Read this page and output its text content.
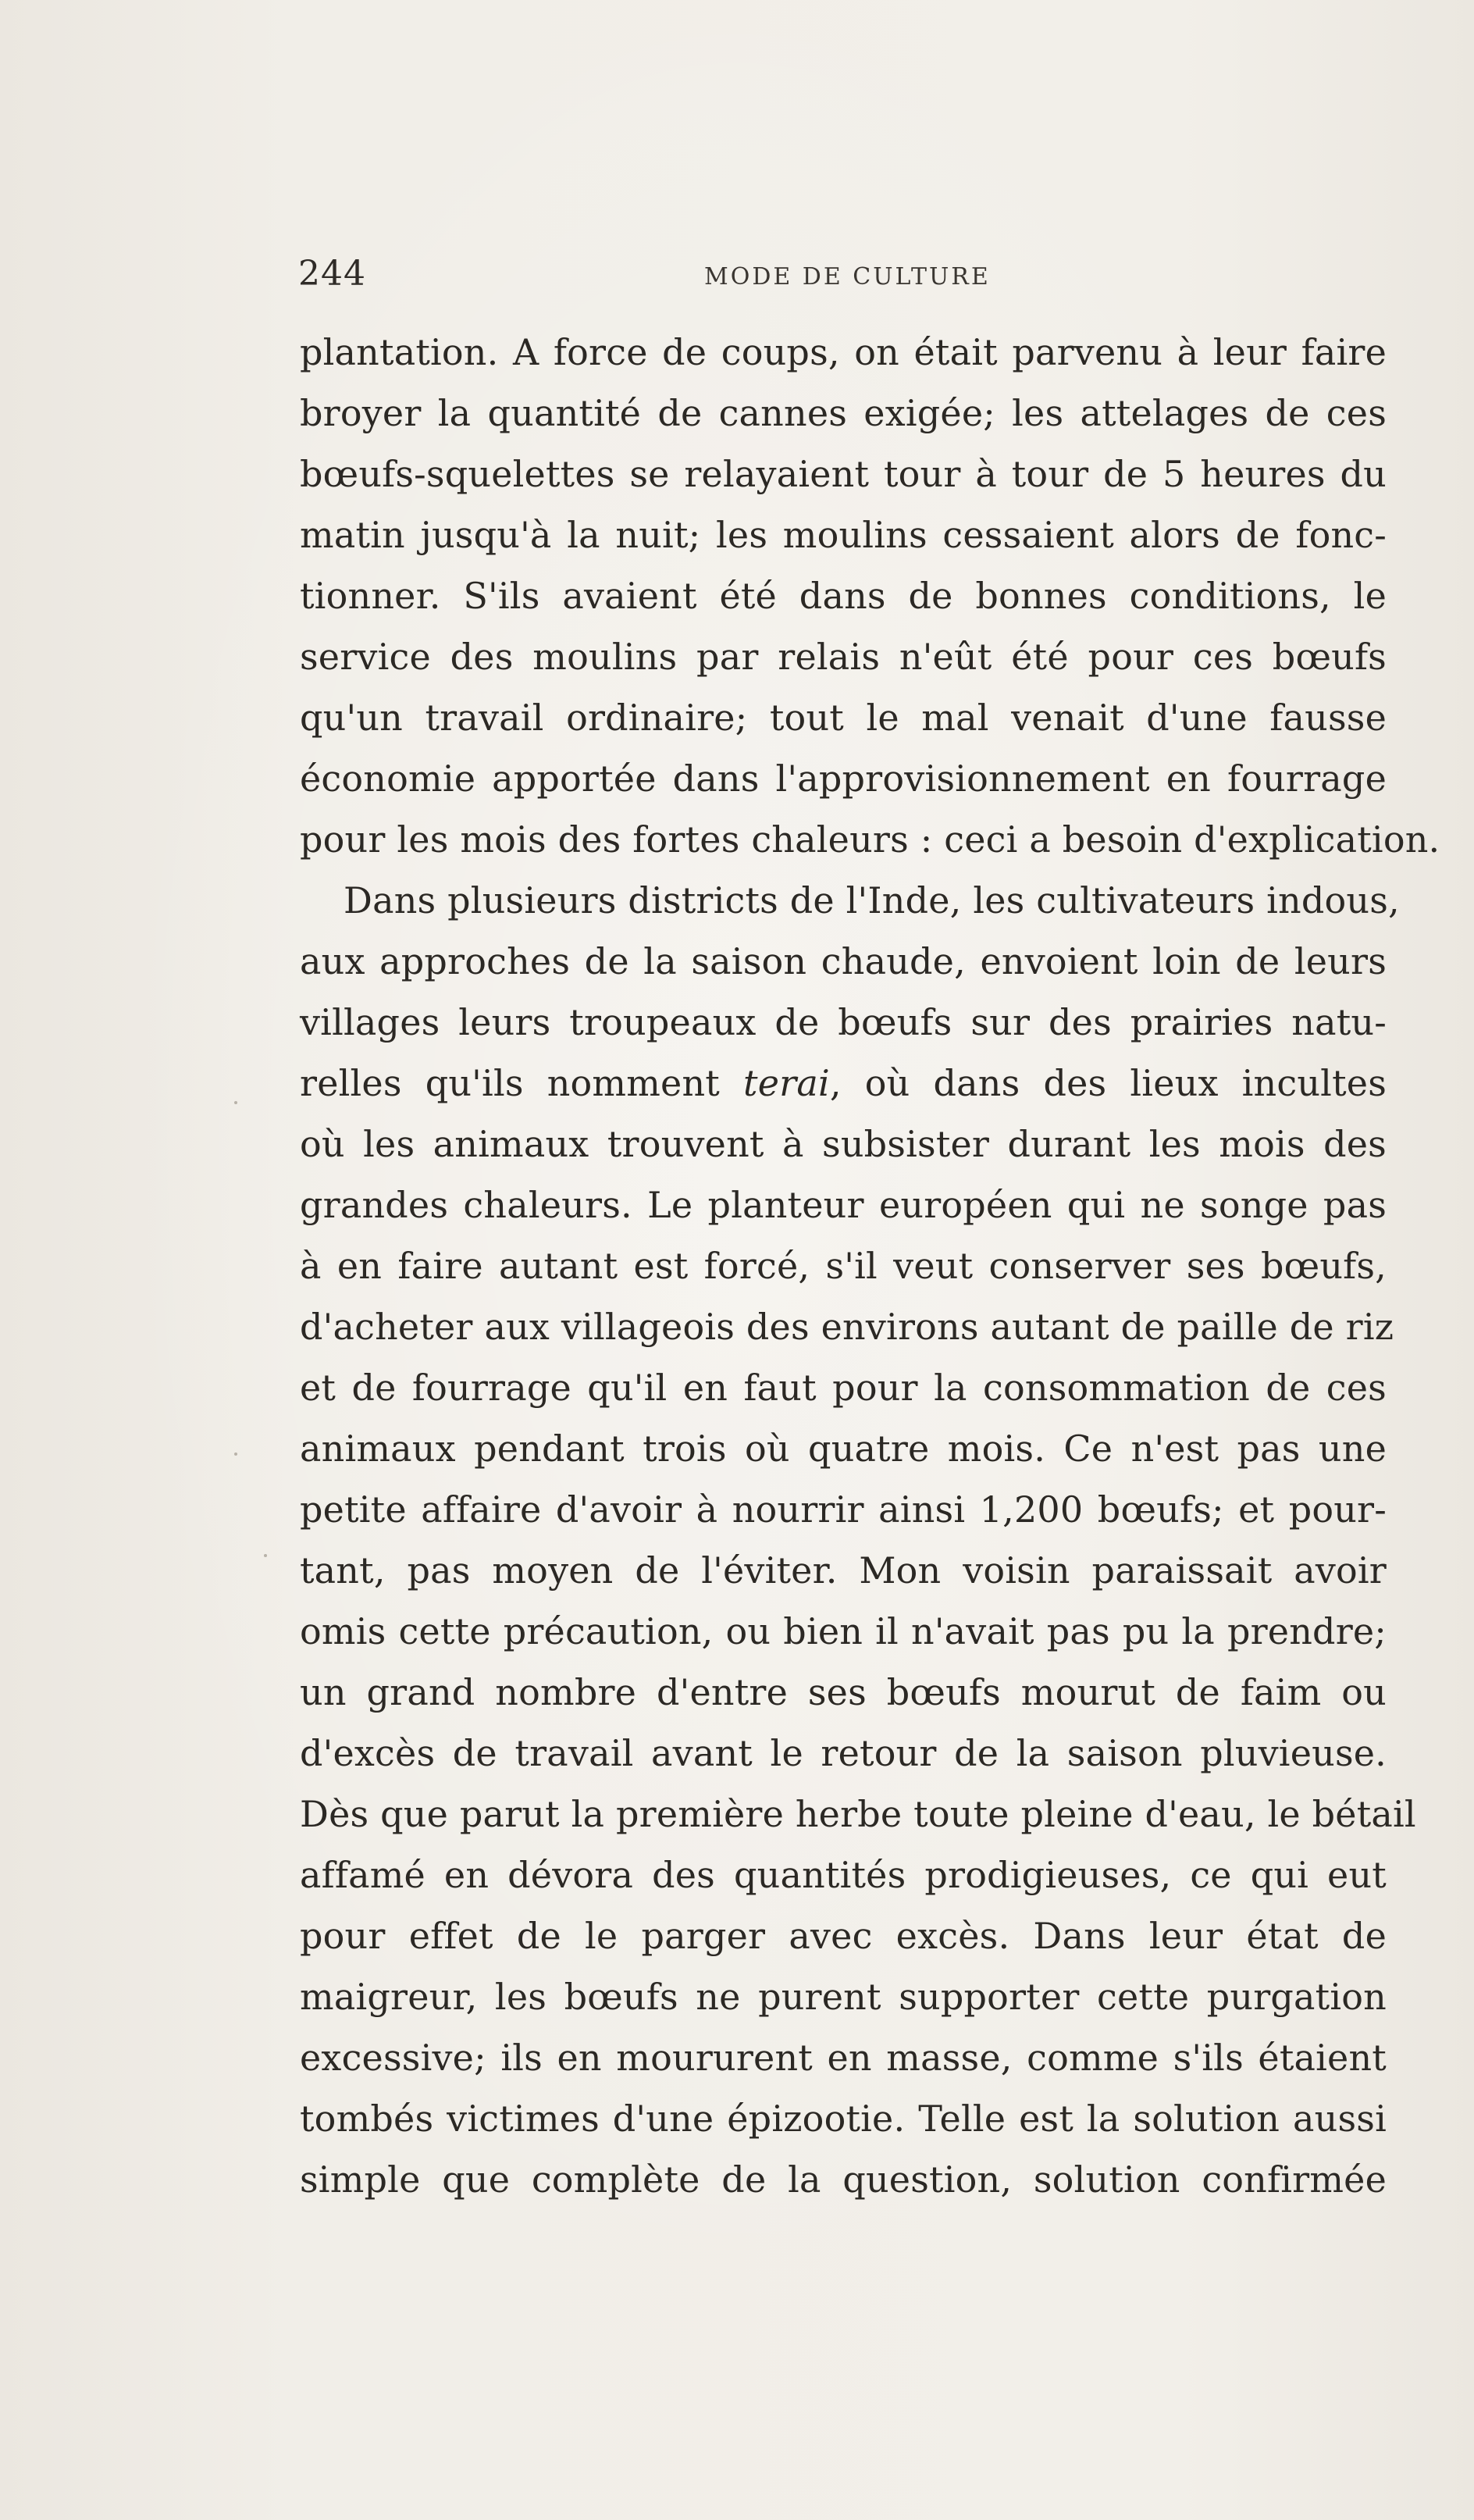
244	MODE DE CULTURE
plantation. A force de coups, on était parvenu à leur faire
broyer la quantité de cannes exigée; les attelages de ces
bœufs-squelettes se relayaient tour à tour de 5 heures du
matin jusqu'à la nuit; les moulins cessaient alors de fonc-
tionner. S'ils avaient été dans de bonnes conditions, le
service des moulins par relais n'eût été pour ces bœufs
qu'un travail ordinaire; tout le mal venait d'une fausse
économie apportée dans l'approvisionnement en fourrage
pour les mois des fortes chaleurs : ceci a besoin d'explication.
Dans plusieurs districts de l'Inde, les cultivateurs indous,
aux approches de la saison chaude, envoient loin de leurs
villages leurs troupeaux de bœufs sur des prairies natu-
relles qu'ils nomment terai, où dans des lieux incultes
où les animaux trouvent à subsister durant les mois des
grandes chaleurs. Le planteur européen qui ne songe pas
à en faire autant est forcé, s'il veut conserver ses bœufs,
d'acheter aux villageois des environs autant de paille de riz
et de fourrage qu'il en faut pour la consommation de ces
animaux pendant trois où quatre mois. Ce n'est pas une
petite affaire d'avoir à nourrir ainsi 1,200 bœufs; et pour-
tant, pas moyen de l'éviter. Mon voisin paraissait avoir
omis cette précaution, ou bien il n'avait pas pu la prendre;
un grand nombre d'entre ses bœufs mourut de faim ou
d'excès de travail avant le retour de la saison pluvieuse.
Dès que parut la première herbe toute pleine d'eau, le bétail
affamé en dévora des quantités prodigieuses, ce qui eut
pour effet de le parger avec excès. Dans leur état de
maigreur, les bœufs ne purent supporter cette purgation
excessive; ils en moururent en masse, comme s'ils étaient
tombés victimes d'une épizootie. Telle est la solution aussi
simple que complète de la question, solution confirmée
